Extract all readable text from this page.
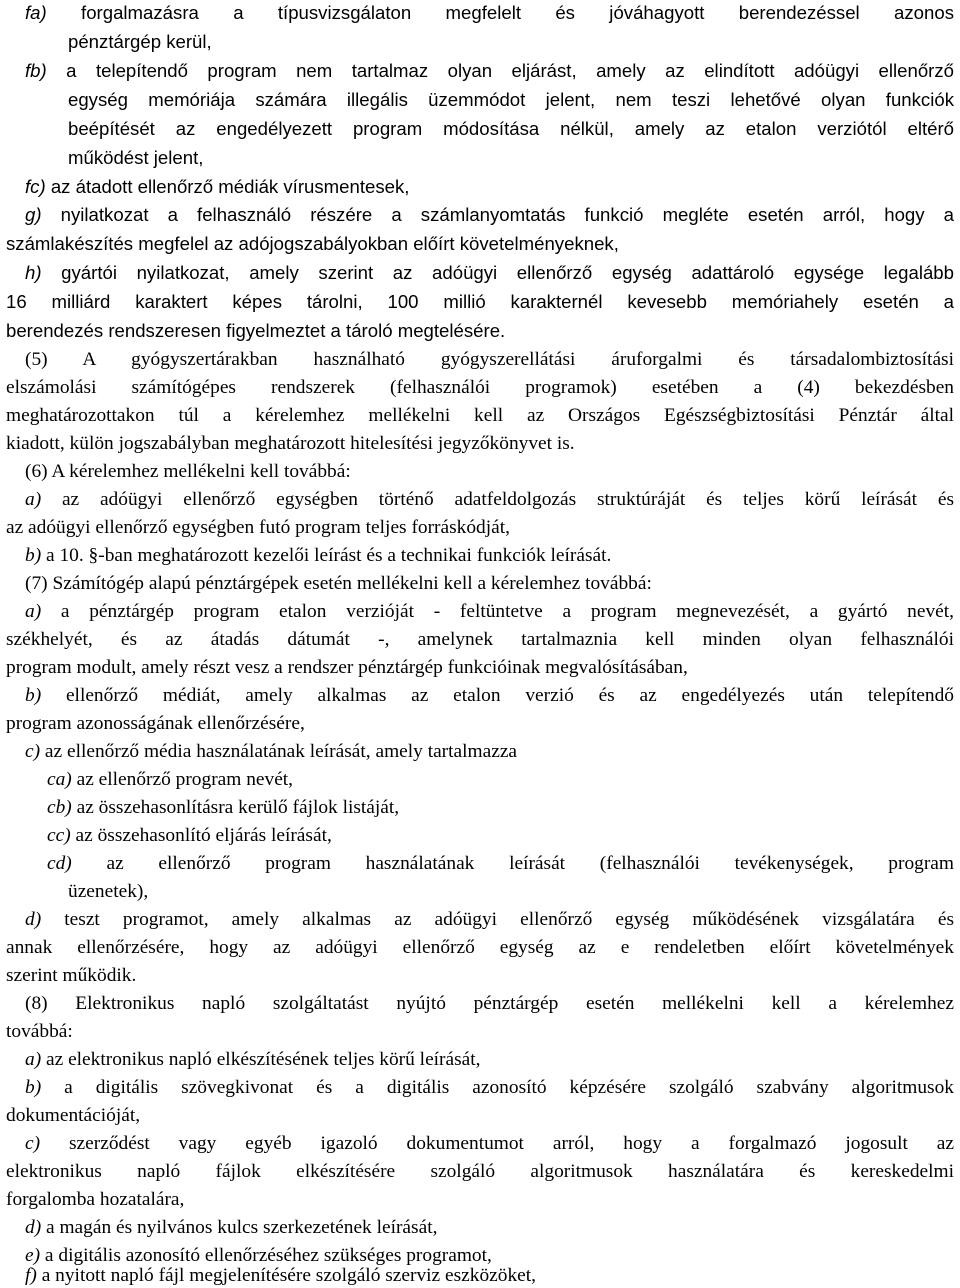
fa) forgalmazásra a típusvizsgálaton megfelelt és jóváhagyott berendezéssel azonos
pénztárgép kerül,
fb) a telepítendő program nem tartalmaz olyan eljárást, amely az elindított adóügyi ellenőrző
egység memóriája számára illegális üzemmódot jelent, nem teszi lehetővé olyan funkciók
beépítését az engedélyezett program módosítása nélkül, amely az etalon verziótól eltérő
működést jelent,
fc) az átadott ellenőrző médiák vírusmentesek,
g) nyilatkozat a felhasználó részére a számlanyomtatás funkció megléte esetén arról, hogy a
számlakészítés megfelel az adójogszabályokban előírt követelményeknek,
h) gyártói nyilatkozat, amely szerint az adóügyi ellenőrző egység adattároló egysége legalább
16 milliárd karaktert képes tárolni, 100 millió karakternél kevesebb memóriahely esetén a
berendezés rendszeresen figyelmeztet a tároló megtelésére.
(5) A gyógyszertárakban használható gyógyszerellátási áruforgalmi és társadalombiztosítási
elszámolási számítógépes rendszerek (felhasználói programok) esetében a (4) bekezdésben
meghatározottakon túl a kérelemhez mellékelni kell az Országos Egészségbiztosítási Pénztár által
kiadott, külön jogszabályban meghatározott hitelesítési jegyzőkönyvet is.
(6) A kérelemhez mellékelni kell továbbá:
a) az adóügyi ellenőrző egységben történő adatfeldolgozás struktúráját és teljes körű leírását és
az adóügyi ellenőrző egységben futó program teljes forráskódját,
b) a 10. §-ban meghatározott kezelői leírást és a technikai funkciók leírását.
(7) Számítógép alapú pénztárgépek esetén mellékelni kell a kérelemhez továbbá:
a) a pénztárgép program etalon verzióját - feltüntetve a program megnevezését, a gyártó nevét,
székhelyét, és az átadás dátumát -, amelynek tartalmaznia kell minden olyan felhasználói
program modult, amely részt vesz a rendszer pénztárgép funkcióinak megvalósításában,
b) ellenőrző médiát, amely alkalmas az etalon verzió és az engedélyezés után telepítendő
program azonosságának ellenőrzésére,
c) az ellenőrző média használatának leírását, amely tartalmazza
ca) az ellenőrző program nevét,
cb) az összehasonlításra kerülő fájlok listáját,
cc) az összehasonlító eljárás leírását,
cd) az ellenőrző program használatának leírását (felhasználói tevékenységek, program
üzenetek),
d) teszt programot, amely alkalmas az adóügyi ellenőrző egység működésének vizsgálatára és
annak ellenőrzésére, hogy az adóügyi ellenőrző egység az e rendeletben előírt követelmények
szerint működik.
(8) Elektronikus napló szolgáltatást nyújtó pénztárgép esetén mellékelni kell a kérelemhez
továbbá:
a) az elektronikus napló elkészítésének teljes körű leírását,
b) a digitális szövegkivonat és a digitális azonosító képzésére szolgáló szabvány algoritmusok
dokumentációját,
c) szerződést vagy egyéb igazoló dokumentumot arról, hogy a forgalmazó jogosult az
elektronikus napló fájlok elkészítésére szolgáló algoritmusok használatára és kereskedelmi
forgalomba hozatalára,
d) a magán és nyilvános kulcs szerkezetének leírását,
e) a digitális azonosító ellenőrzéséhez szükséges programot,
f) a nyitott napló fájl megjelenítésére szolgáló szerviz eszközöket,
